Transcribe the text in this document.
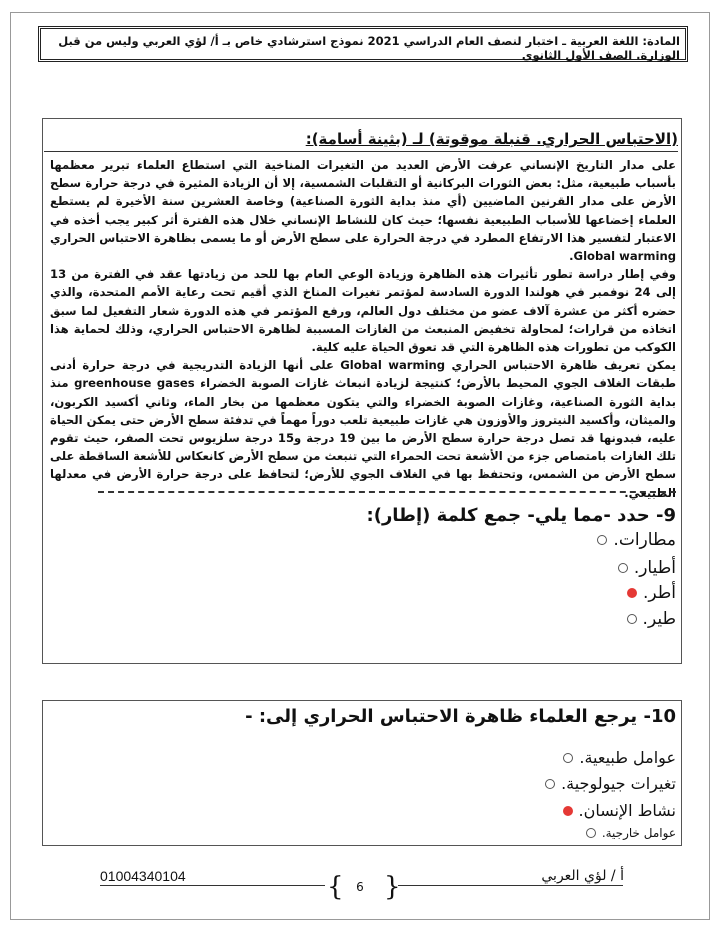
المادة: اللغة العربية ـ اختبار لنصف العام الدراسي 2021 نموذج استرشادي خاص بـ أ/ لؤي العربي وليس من قبل الوزارة. الصف الأول الثانوي
(الاحتباس الحراري. قنبلة موقوتة) لـ (بثينة أسامة):

على مدار التاريخ الإنساني عرفت الأرض العديد من التغيرات المناخية التي استطاع العلماء تبرير معظمها بأسباب طبيعية، مثل: بعض الثورات البركانية أو التقلبات الشمسية، إلا أن الزيادة المثيرة في درجة حرارة سطح الأرض على مدار القرنين الماضيين (أي منذ بداية الثورة الصناعية) وخاصة العشرين سنة الأخيرة لم يستطع العلماء إخضاعها للأسباب الطبيعية نفسها؛ حيث كان للنشاط الإنساني خلال هذه الفترة أثر كبير يجب أخذه في الاعتبار لتفسير هذا الارتفاع المطرد في درجة الحرارة على سطح الأرض أو ما يسمى بظاهرة الاحتباس الحراري Global warming.

وفي إطار دراسة تطور تأثيرات هذه الظاهرة وزيادة الوعي العام بها للحد من زيادتها عقد في الفترة من 13 إلى 24 نوفمبر في هولندا الدورة السادسة لمؤتمر تغيرات المناخ الذي أقيم تحت رعاية الأمم المتحدة، والذي حضره أكثر من عشرة آلاف عضو من مختلف دول العالم، ورفع المؤتمر في هذه الدورة شعار التفعيل لما سبق اتخاذه من قرارات؛ لمحاولة تخفيض المنبعث من الغازات المسببة لظاهرة الاحتباس الحراري، وذلك لحماية هذا الكوكب من تطورات هذه الظاهرة التي قد تعوق الحياة عليه كلية.

يمكن تعريف ظاهرة الاحتباس الحراري Global warming على أنها الزيادة التدريجية في درجة حرارة أدنى طبقات الغلاف الجوي المحيط بالأرض؛ كنتيجة لزيادة انبعاث غازات الصوبة الخضراء greenhouse gases منذ بداية الثورة الصناعية، وغازات الصوبة الخضراء والتي يتكون معظمها من بخار الماء، وثاني أكسيد الكربون، والميثان، وأكسيد النيتروز والأوزون هي غازات طبيعية تلعب دوراً مهماً في تدفئة سطح الأرض حتى يمكن الحياة عليه، فبدونها قد تصل درجة حرارة سطح الأرض ما بين 19 درجة و15 درجة سلزيوس تحت الصفر، حيث تقوم تلك الغازات بامتصاص جزء من الأشعة تحت الحمراء التي تنبعث من سطح الأرض كانعكاس للأشعة الساقطة على سطح الأرض من الشمس، وتحتفظ بها في الغلاف الجوي للأرض؛ لتحافظ على درجة حرارة الأرض في معدلها الطبيعي.

9- حدد -مما يلي- جمع كلمة (إطار):
مطارات.
أطيار.
أطر.
طير.
10- يرجع العلماء ظاهرة الاحتباس الحراري إلى: -
عوامل طبيعية.
تغيرات جيولوجية.
نشاط الإنسان.
عوامل خارجية.
01004340104	{ }
6
أ / لؤي العربي
